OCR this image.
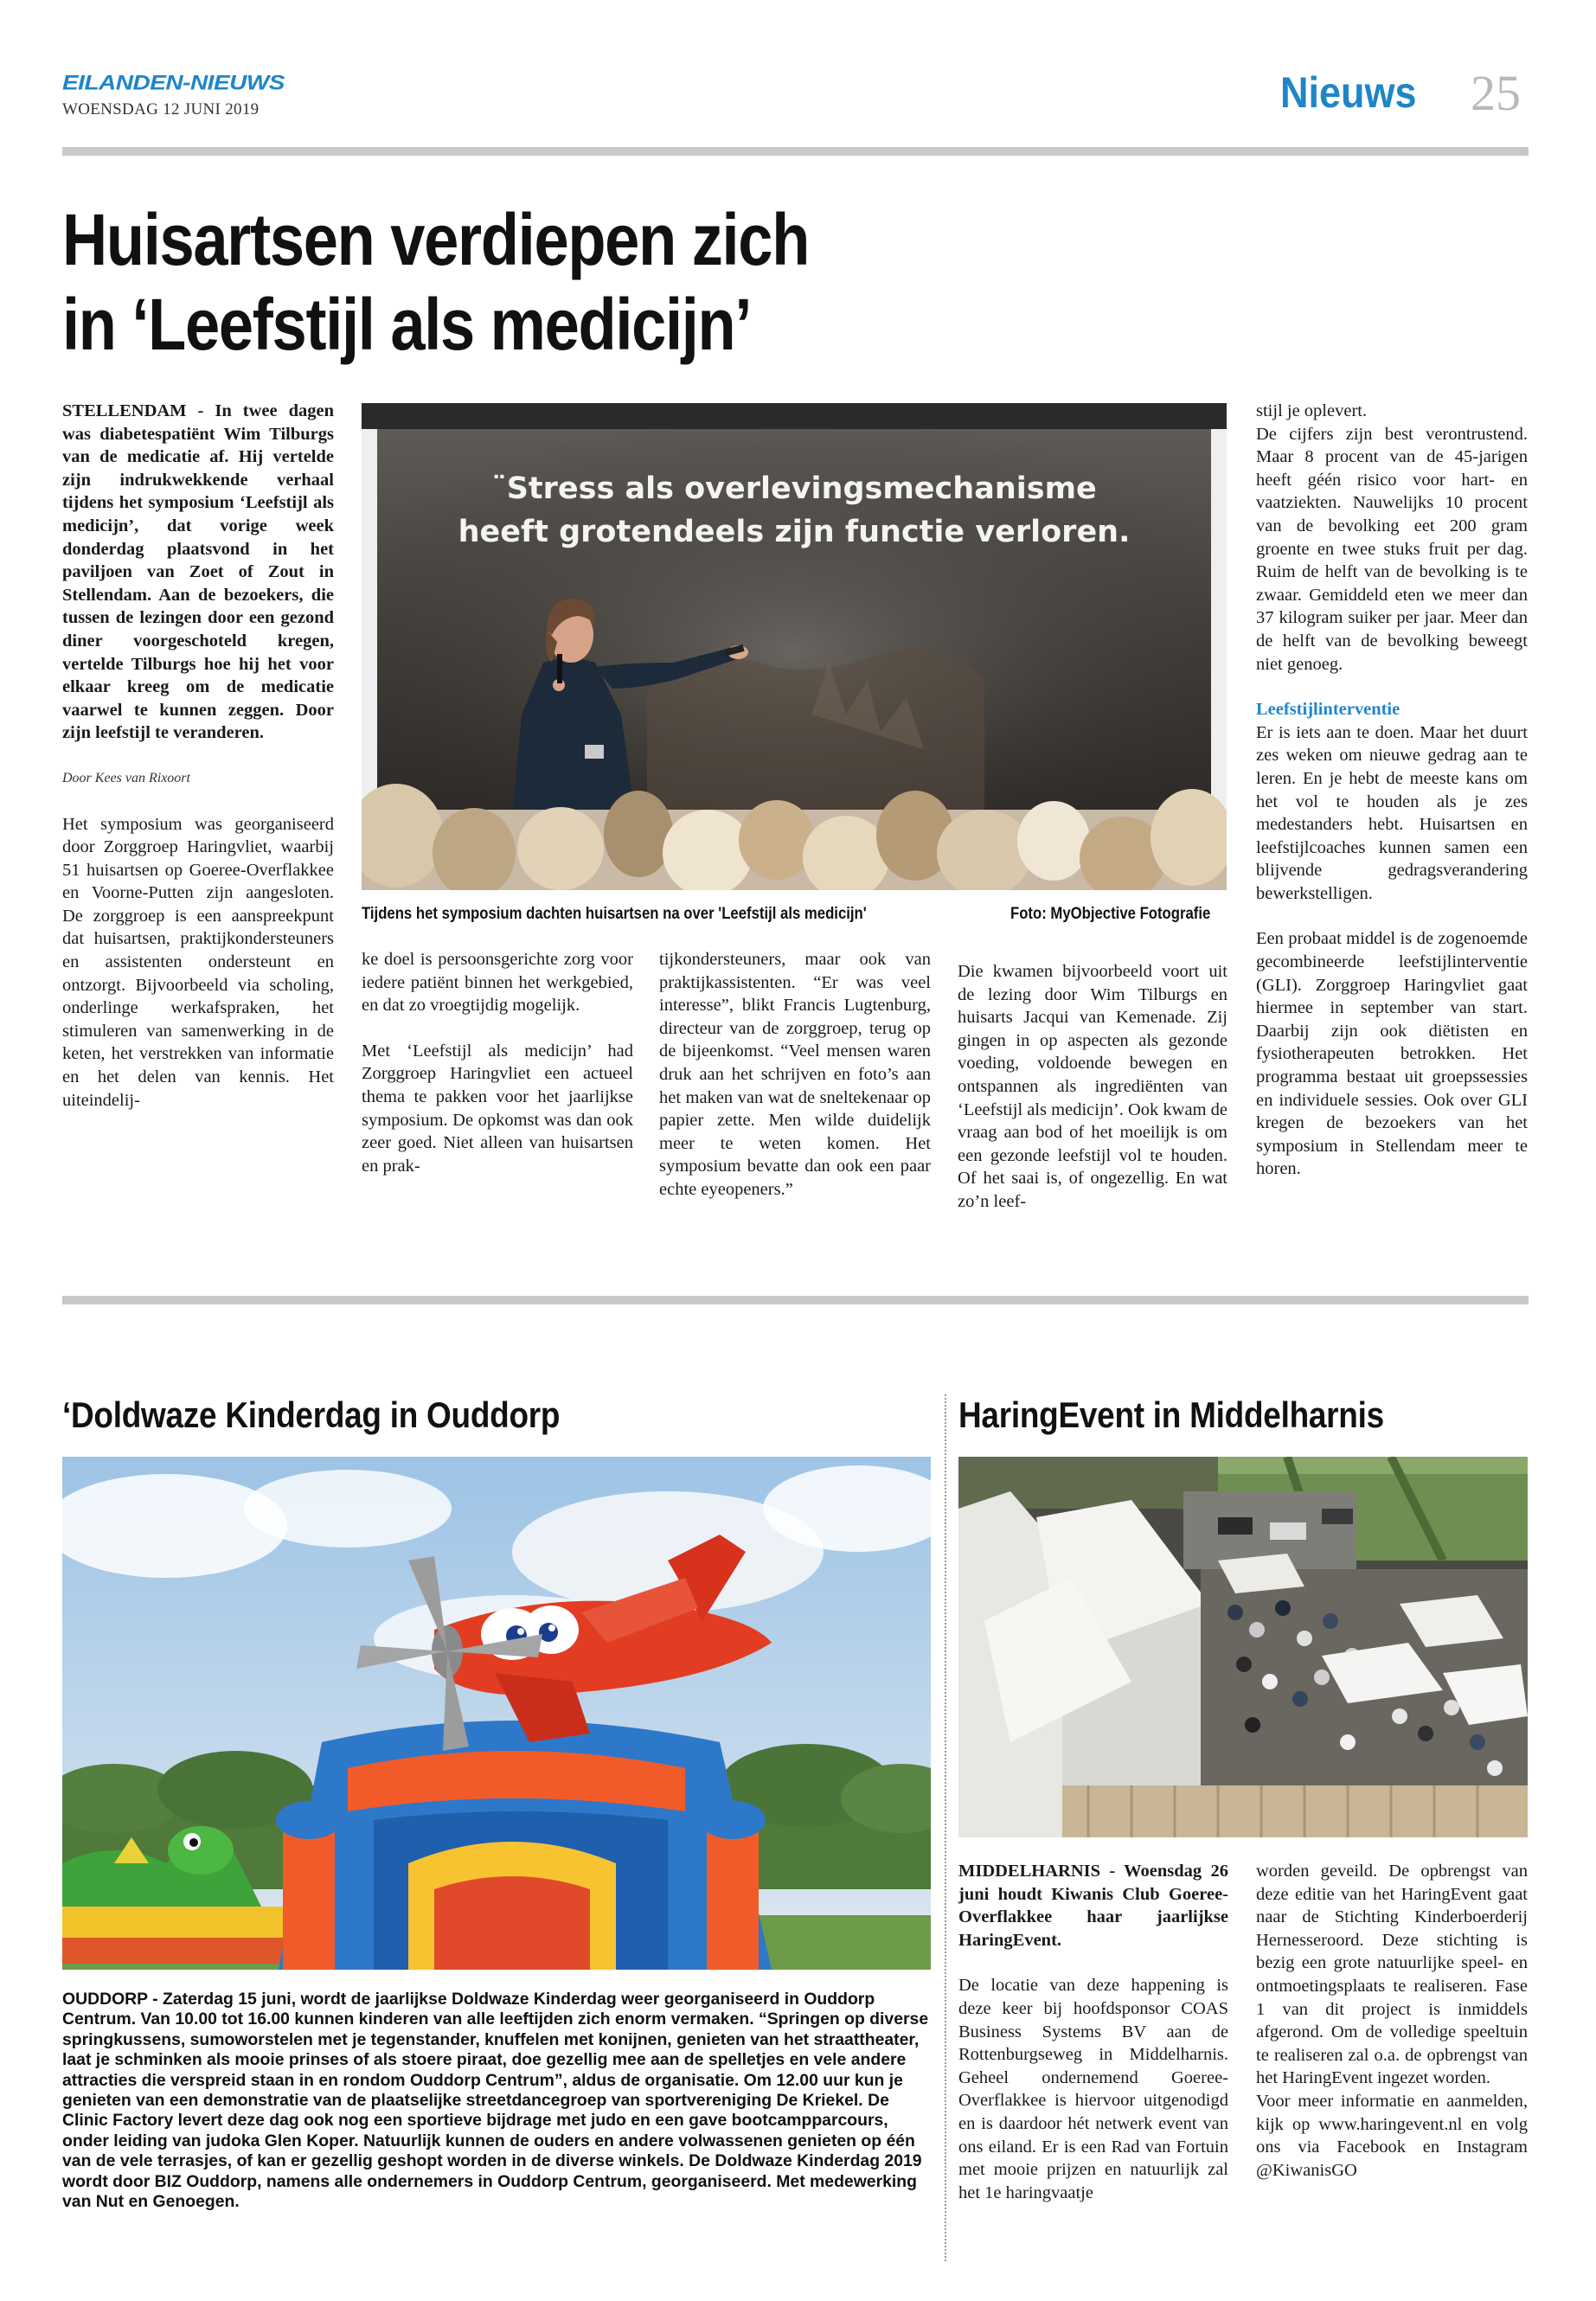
EILANDEN-NIEUWS
WOENSDAG 12 JUNI 2019	Nieuws 25
Huisartsen verdiepen zich
in ‘Leefstijl als medicijn’

STELLENDAM - In twee dagen was diabetespatiënt Wim Tilburgs van de medicatie af. Hij vertelde zijn indrukwekkende verhaal tijdens het symposium ‘Leefstijl als medicijn’, dat vorige week donderdag plaatsvond in het paviljoen van Zoet of Zout in Stellendam. Aan de bezoekers, die tussen de lezingen door een gezond diner voorgeschoteld kregen, vertelde Tilburgs hoe hij het voor elkaar kreeg om de medicatie vaarwel te kunnen zeggen. Door zijn leefstijl te veranderen.

Door Kees van Rixoort

Het symposium was georganiseerd door Zorggroep Haringvliet, waarbij 51 huisartsen op Goeree-Overflakkee en Voorne-Putten zijn aangesloten. De zorggroep is een aanspreekpunt dat huisartsen, praktijkondersteuners en assistenten ondersteunt en ontzorgt. Bijvoorbeeld via scholing, onderlinge werkafspraken, het stimuleren van samenwerking in de keten, het verstrekken van informatie en het delen van kennis. Het uiteindelij-

¨Stress als overlevingsmechanisme
heeft grotendeels zijn functie verloren.
Tijdens het symposium dachten huisartsen na over 'Leefstijl als medicijn'	Foto: MyObjective Fotografie

ke doel is persoonsgerichte zorg voor iedere patiënt binnen het werkgebied, en dat zo vroegtijdig mogelijk.

Met ‘Leefstijl als medicijn’ had Zorggroep Haringvliet een actueel thema te pakken voor het jaarlijkse symposium. De opkomst was dan ook zeer goed. Niet alleen van huisartsen en prak-

tijkondersteuners, maar ook van praktijkassistenten. “Er was veel interesse”, blikt Francis Lugtenburg, directeur van de zorggroep, terug op de bijeenkomst. “Veel mensen waren druk aan het schrijven en foto’s aan het maken van wat de sneltekenaar op papier zette. Men wilde duidelijk meer te weten komen. Het symposium bevatte dan ook een paar echte eyeopeners.”

Die kwamen bijvoorbeeld voort uit de lezing door Wim Tilburgs en huisarts Jacqui van Kemenade. Zij gingen in op aspecten als gezonde voeding, voldoende bewegen en ontspannen als ingrediënten van ‘Leefstijl als medicijn’. Ook kwam de vraag aan bod of het moeilijk is om een gezonde leefstijl vol te houden. Of het saai is, of ongezellig. En wat zo’n leef-

stijl je oplevert.

De cijfers zijn best verontrustend. Maar 8 procent van de 45-jarigen heeft géén risico voor hart- en vaatziekten. Nauwelijks 10 procent van de bevolking eet 200 gram groente en twee stuks fruit per dag. Ruim de helft van de bevolking is te zwaar. Gemiddeld eten we meer dan 37 kilogram suiker per jaar. Meer dan de helft van de bevolking beweegt niet genoeg.

Leefstijlinterventie

Er is iets aan te doen. Maar het duurt zes weken om nieuwe gedrag aan te leren. En je hebt de meeste kans om het vol te houden als je zes medestanders hebt. Huisartsen en leefstijlcoaches kunnen samen een blijvende gedragsverandering bewerkstelligen.

Een probaat middel is de zogenoemde gecombineerde leefstijlinterventie (GLI). Zorggroep Haringvliet gaat hiermee in september van start. Daarbij zijn ook diëtisten en fysiotherapeuten betrokken. Het programma bestaat uit groepssessies en individuele sessies. Ook over GLI kregen de bezoekers van het symposium in Stellendam meer te horen.

‘Doldwaze Kinderdag in Ouddorp
OUDDORP - Zaterdag 15 juni, wordt de jaarlijkse Doldwaze Kinderdag weer georganiseerd in Ouddorp Centrum. Van 10.00 tot 16.00 kunnen kinderen van alle leeftijden zich enorm vermaken. “Springen op diverse springkussens, sumoworstelen met je tegenstander, knuffelen met konijnen, genieten van het straattheater, laat je schminken als mooie prinses of als stoere piraat, doe gezellig mee aan de spelletjes en vele andere attracties die verspreid staan in en rondom Ouddorp Centrum”, aldus de organisatie. Om 12.00 uur kun je genieten van een demonstratie van de plaatselijke streetdancegroep van sportvereniging De Kriekel. De Clinic Factory levert deze dag ook nog een sportieve bijdrage met judo en een gave bootcampparcours, onder leiding van judoka Glen Koper. Natuurlijk kunnen de ouders en andere volwassenen genieten op één van de vele terrasjes, of kan er gezellig geshopt worden in de diverse winkels. De Doldwaze Kinderdag 2019 wordt door BIZ Ouddorp, namens alle ondernemers in Ouddorp Centrum, georganiseerd. Met medewerking van Nut en Genoegen.
HaringEvent in Middelharnis

MIDDELHARNIS - Woensdag 26 juni houdt Kiwanis Club Goeree-Overflakkee haar jaarlijkse HaringEvent.

De locatie van deze happening is deze keer bij hoofdsponsor COAS Business Systems BV aan de Rottenburgseweg in Middelharnis. Geheel ondernemend Goeree-Overflakkee is hiervoor uitgenodigd en is daardoor hét netwerk event van ons eiland. Er is een Rad van Fortuin met mooie prijzen en natuurlijk zal het 1e haringvaatje

worden geveild. De opbrengst van deze editie van het HaringEvent gaat naar de Stichting Kinderboerderij Hernesseroord. Deze stichting is bezig een grote natuurlijke speel- en ontmoetingsplaats te realiseren. Fase 1 van dit project is inmiddels afgerond. Om de volledige speeltuin te realiseren zal o.a. de opbrengst van het HaringEvent ingezet worden.

Voor meer informatie en aanmelden, kijk op www.haringevent.nl en volg ons via Facebook en Instagram @KiwanisGO
